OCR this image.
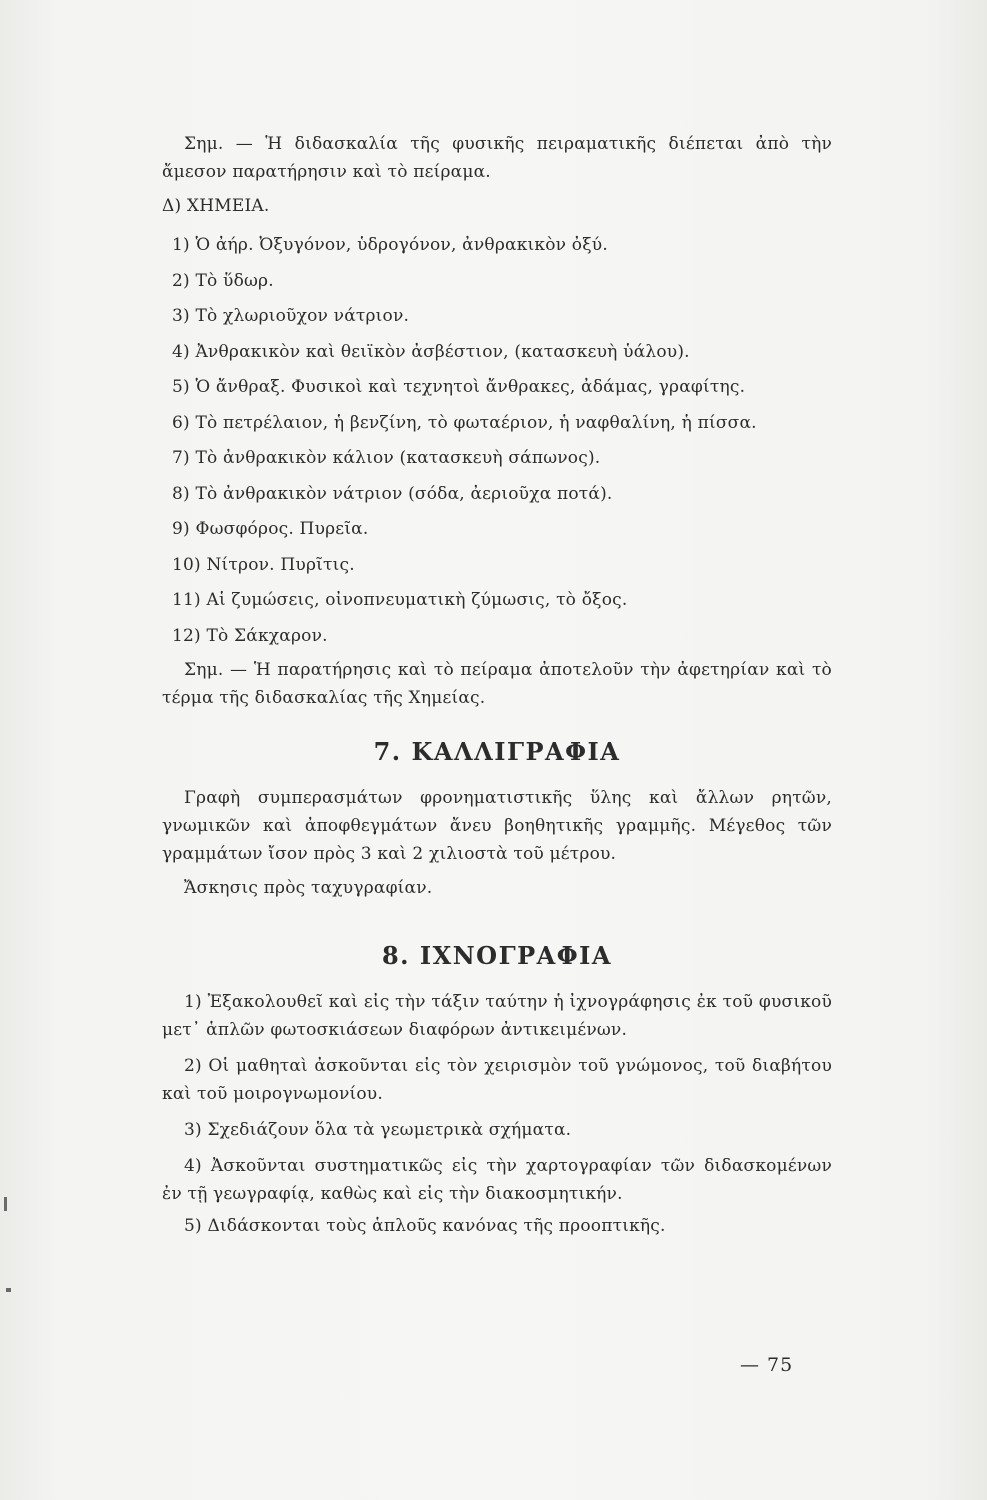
Σημ. — Ἡ διδασκαλία τῆς φυσικῆς πειραματικῆς διέπεται ἀπὸ τὴν ἄμεσον παρατήρησιν καὶ τὸ πείραμα.

Δ) ΧΗΜΕΙΑ.

1) Ὁ ἀήρ. Ὀξυγόνον, ὑδρογόνον, ἀνθρακικὸν ὀξύ.

2) Τὸ ὕδωρ.

3) Τὸ χλωριοῦχον νάτριον.

4) Ἀνθρακικὸν καὶ θειϊκὸν ἀσβέστιον, (κατασκευὴ ὑάλου).

5) Ὁ ἄνθραξ. Φυσικοὶ καὶ τεχνητοὶ ἄνθρακες, ἀδάμας, γραφίτης.

6) Τὸ πετρέλαιον, ἡ βενζίνη, τὸ φωταέριον, ἡ ναφθαλίνη, ἡ πίσσα.

7) Τὸ ἀνθρακικὸν κάλιον (κατασκευὴ σάπωνος).

8) Τὸ ἀνθρακικὸν νάτριον (σόδα, ἀεριοῦχα ποτά).

9) Φωσφόρος. Πυρεῖα.

10) Νίτρον. Πυρῖτις.

11) Αἱ ζυμώσεις, οἰνοπνευματικὴ ζύμωσις, τὸ ὄξος.

12) Τὸ Σάκχαρον.

Σημ. — Ἡ παρατήρησις καὶ τὸ πείραμα ἀποτελοῦν τὴν ἀφετηρίαν καὶ τὸ τέρμα τῆς διδασκαλίας τῆς Χημείας.

7. ΚΑΛΛΙΓΡΑΦΙΑ

Γραφὴ συμπερασμάτων φρονηματιστικῆς ὕλης καὶ ἄλλων ρητῶν, γνωμικῶν καὶ ἀποφθεγμάτων ἄνευ βοηθητικῆς γραμμῆς. Μέγεθος τῶν γραμμάτων ἴσον πρὸς 3 καὶ 2 χιλιοστὰ τοῦ μέτρου.

Ἄσκησις πρὸς ταχυγραφίαν.

8. ΙΧΝΟΓΡΑΦΙΑ

1) Ἐξακολουθεῖ καὶ εἰς τὴν τάξιν ταύτην ἡ ἰχνογράφησις ἐκ τοῦ φυσικοῦ μετ᾿ ἁπλῶν φωτοσκιάσεων διαφόρων ἀντικειμένων.

2) Οἱ μαθηταὶ ἀσκοῦνται εἰς τὸν χειρισμὸν τοῦ γνώμονος, τοῦ διαβήτου καὶ τοῦ μοιρογνωμονίου.

3) Σχεδιάζουν ὅλα τὰ γεωμετρικὰ σχήματα.

4) Ἀσκοῦνται συστηματικῶς εἰς τὴν χαρτογραφίαν τῶν διδασκομένων ἐν τῇ γεωγραφίᾳ, καθὼς καὶ εἰς τὴν διακοσμητικήν.

5) Διδάσκονται τοὺς ἁπλοῦς κανόνας τῆς προοπτικῆς.

— 75
